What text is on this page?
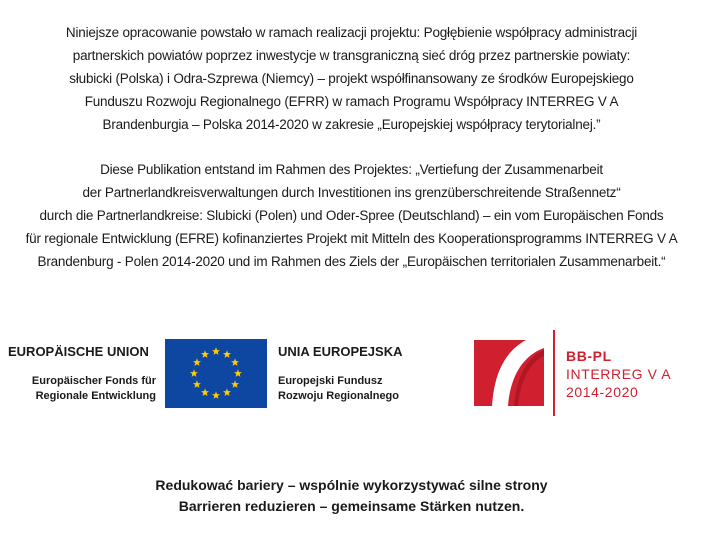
Niniejsze opracowanie powstało w ramach realizacji projektu: Pogłębienie współpracy administracji
partnerskich powiatów poprzez inwestycje w transgraniczną sieć dróg przez partnerskie powiaty:
słubicki (Polska) i Odra-Szprewa (Niemcy) – projekt współfinansowany ze środków Europejskiego
Funduszu Rozwoju Regionalnego (EFRR) w ramach Programu Współpracy INTERREG V A
Brandenburgia – Polska 2014-2020 w zakresie „Europejskiej współpracy terytorialnej.”
Diese Publikation entstand im Rahmen des Projektes: „Vertiefung der Zusammenarbeit
der Partnerlandkreisverwaltungen durch Investitionen ins grenzüberschreitende Straßennetz“
durch die Partnerlandkreise: Slubicki (Polen) und Oder-Spree (Deutschland) – ein vom Europäischen Fonds
für regionale Entwicklung (EFRE) kofinanziertes Projekt mit Mitteln des Kooperationsprogramms INTERREG V A
Brandenburg - Polen 2014-2020 und im Rahmen des Ziels der „Europäischen territorialen Zusammenarbeit.“
EUROPÄISCHE UNION
Europäischer Fonds für
Regionale Entwicklung
UNIA EUROPEJSKA
Europejski Fundusz
Rozwoju Regionalnego
BB-PL
INTERREG V A
2014-2020
Redukować bariery – wspólnie wykorzystywać silne strony
Barrieren reduzieren – gemeinsame Stärken nutzen.
